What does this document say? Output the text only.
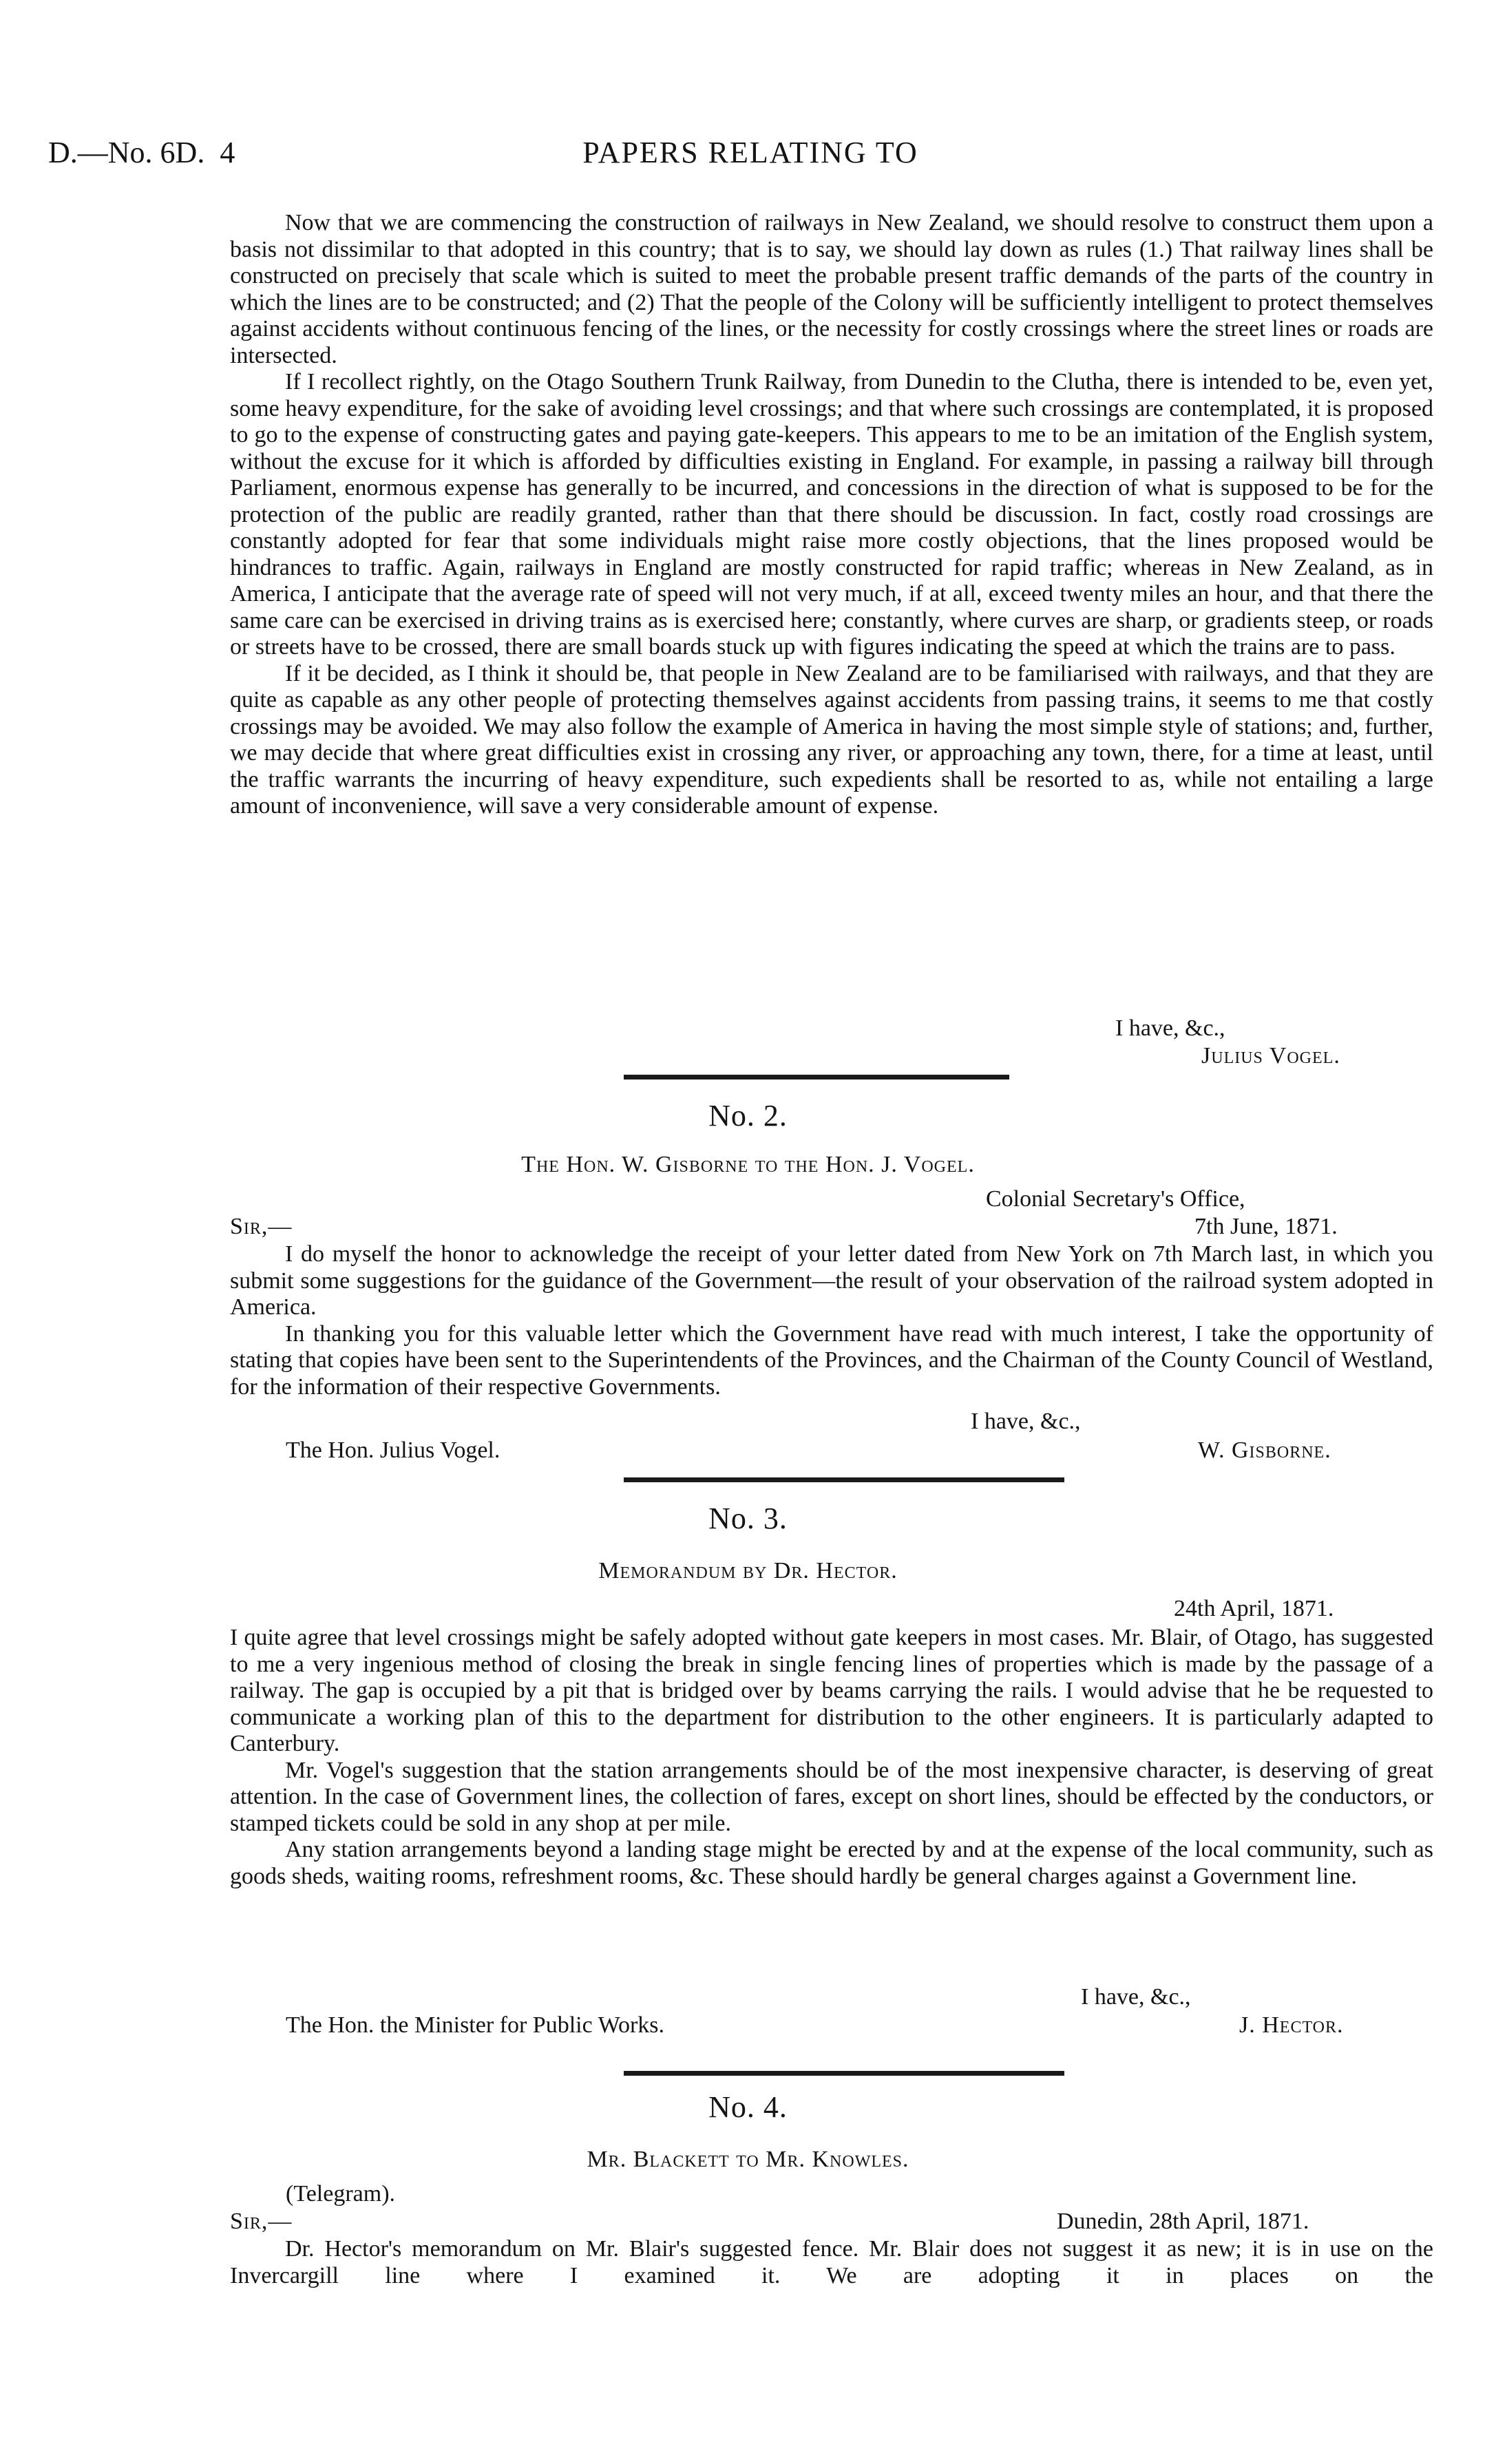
D.—No. 6D. 4	PAPERS RELATING TO

Now that we are commencing the construction of railways in New Zealand, we should resolve to construct them upon a basis not dissimilar to that adopted in this country; that is to say, we should lay down as rules (1.) That railway lines shall be constructed on precisely that scale which is suited to meet the probable present traffic demands of the parts of the country in which the lines are to be constructed; and (2) That the people of the Colony will be sufficiently intelligent to protect themselves against accidents without continuous fencing of the lines, or the necessity for costly crossings where the street lines or roads are intersected.

If I recollect rightly, on the Otago Southern Trunk Railway, from Dunedin to the Clutha, there is intended to be, even yet, some heavy expenditure, for the sake of avoiding level crossings; and that where such crossings are contemplated, it is proposed to go to the expense of constructing gates and paying gate-keepers. This appears to me to be an imitation of the English system, without the excuse for it which is afforded by difficulties existing in England. For example, in passing a railway bill through Parliament, enormous expense has generally to be incurred, and concessions in the direction of what is supposed to be for the protection of the public are readily granted, rather than that there should be discussion. In fact, costly road crossings are constantly adopted for fear that some individuals might raise more costly objections, that the lines proposed would be hindrances to traffic. Again, railways in England are mostly constructed for rapid traffic; whereas in New Zealand, as in America, I anticipate that the average rate of speed will not very much, if at all, exceed twenty miles an hour, and that there the same care can be exercised in driving trains as is exercised here; constantly, where curves are sharp, or gradients steep, or roads or streets have to be crossed, there are small boards stuck up with figures indicating the speed at which the trains are to pass.

If it be decided, as I think it should be, that people in New Zealand are to be familiarised with railways, and that they are quite as capable as any other people of protecting themselves against accidents from passing trains, it seems to me that costly crossings may be avoided. We may also follow the example of America in having the most simple style of stations; and, further, we may decide that where great difficulties exist in crossing any river, or approaching any town, there, for a time at least, until the traffic warrants the incurring of heavy expenditure, such expedients shall be resorted to as, while not entailing a large amount of inconvenience, will save a very considerable amount of expense.

I have, &c.,
Julius Vogel.
No. 2.
The Hon. W. Gisborne to the Hon. J. Vogel.
Colonial Secretary's Office,
Sir,—	7th June, 1871.

I do myself the honor to acknowledge the receipt of your letter dated from New York on 7th March last, in which you submit some suggestions for the guidance of the Government—the result of your observation of the railroad system adopted in America.

In thanking you for this valuable letter which the Government have read with much interest, I take the opportunity of stating that copies have been sent to the Superintendents of the Provinces, and the Chairman of the County Council of Westland, for the information of their respective Governments.

I have, &c.,
The Hon. Julius Vogel.	W. Gisborne.
No. 3.
Memorandum by Dr. Hector.
24th April, 1871.

I quite agree that level crossings might be safely adopted without gate keepers in most cases. Mr. Blair, of Otago, has suggested to me a very ingenious method of closing the break in single fencing lines of properties which is made by the passage of a railway. The gap is occupied by a pit that is bridged over by beams carrying the rails. I would advise that he be requested to communicate a working plan of this to the department for distribution to the other engineers. It is particularly adapted to Canterbury.

Mr. Vogel's suggestion that the station arrangements should be of the most inexpensive character, is deserving of great attention. In the case of Government lines, the collection of fares, except on short lines, should be effected by the conductors, or stamped tickets could be sold in any shop at per mile.

Any station arrangements beyond a landing stage might be erected by and at the expense of the local community, such as goods sheds, waiting rooms, refreshment rooms, &c. These should hardly be general charges against a Government line.

I have, &c.,
The Hon. the Minister for Public Works.	J. Hector.
No. 4.
Mr. Blackett to Mr. Knowles.
(Telegram).
Sir,—	Dunedin, 28th April, 1871.

Dr. Hector's memorandum on Mr. Blair's suggested fence. Mr. Blair does not suggest it as new; it is in use on the Invercargill line where I examined it. We are adopting it in places on the
